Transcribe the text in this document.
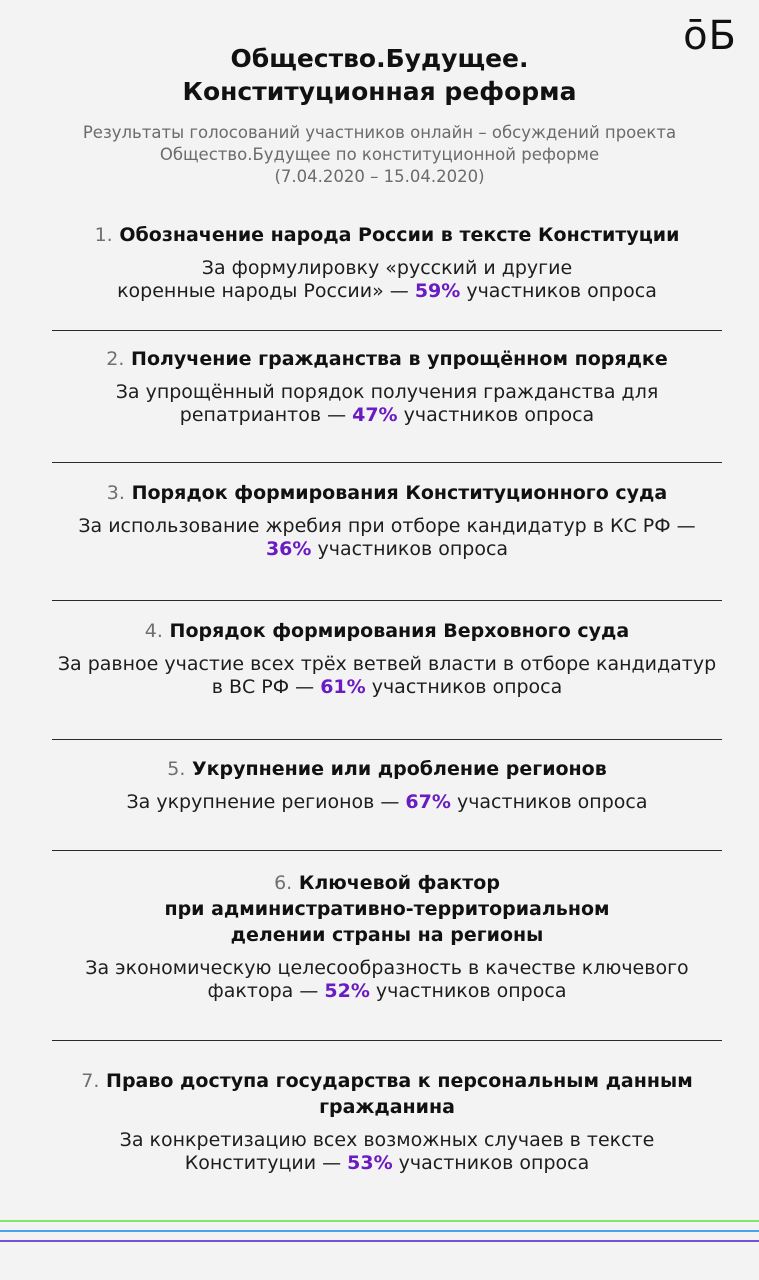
ōБ
Общество.Будущее.
Конституционная реформа
Результаты голосований участников онлайн – обсуждений проекта
Общество.Будущее по конституционной реформе
(7.04.2020 – 15.04.2020)
1. Обозначение народа России в тексте Конституции
За формулировку «русский и другие
коренные народы России» — 59% участников опроса
2. Получение гражданства в упрощённом порядке
За упрощённый порядок получения гражданства для
репатриантов — 47% участников опроса
3. Порядок формирования Конституционного суда
За использование жребия при отборе кандидатур в КС РФ —
36% участников опроса
4. Порядок формирования Верховного суда
За равное участие всех трёх ветвей власти в отборе кандидатур
в ВС РФ — 61% участников опроса
5. Укрупнение или дробление регионов
За укрупнение регионов — 67% участников опроса
6. Ключевой фактор
при административно-территориальном
делении страны на регионы
За экономическую целесообразность в качестве ключевого
фактора — 52% участников опроса
7. Право доступа государства к персональным данным
гражданина
За конкретизацию всех возможных случаев в тексте
Конституции — 53% участников опроса
